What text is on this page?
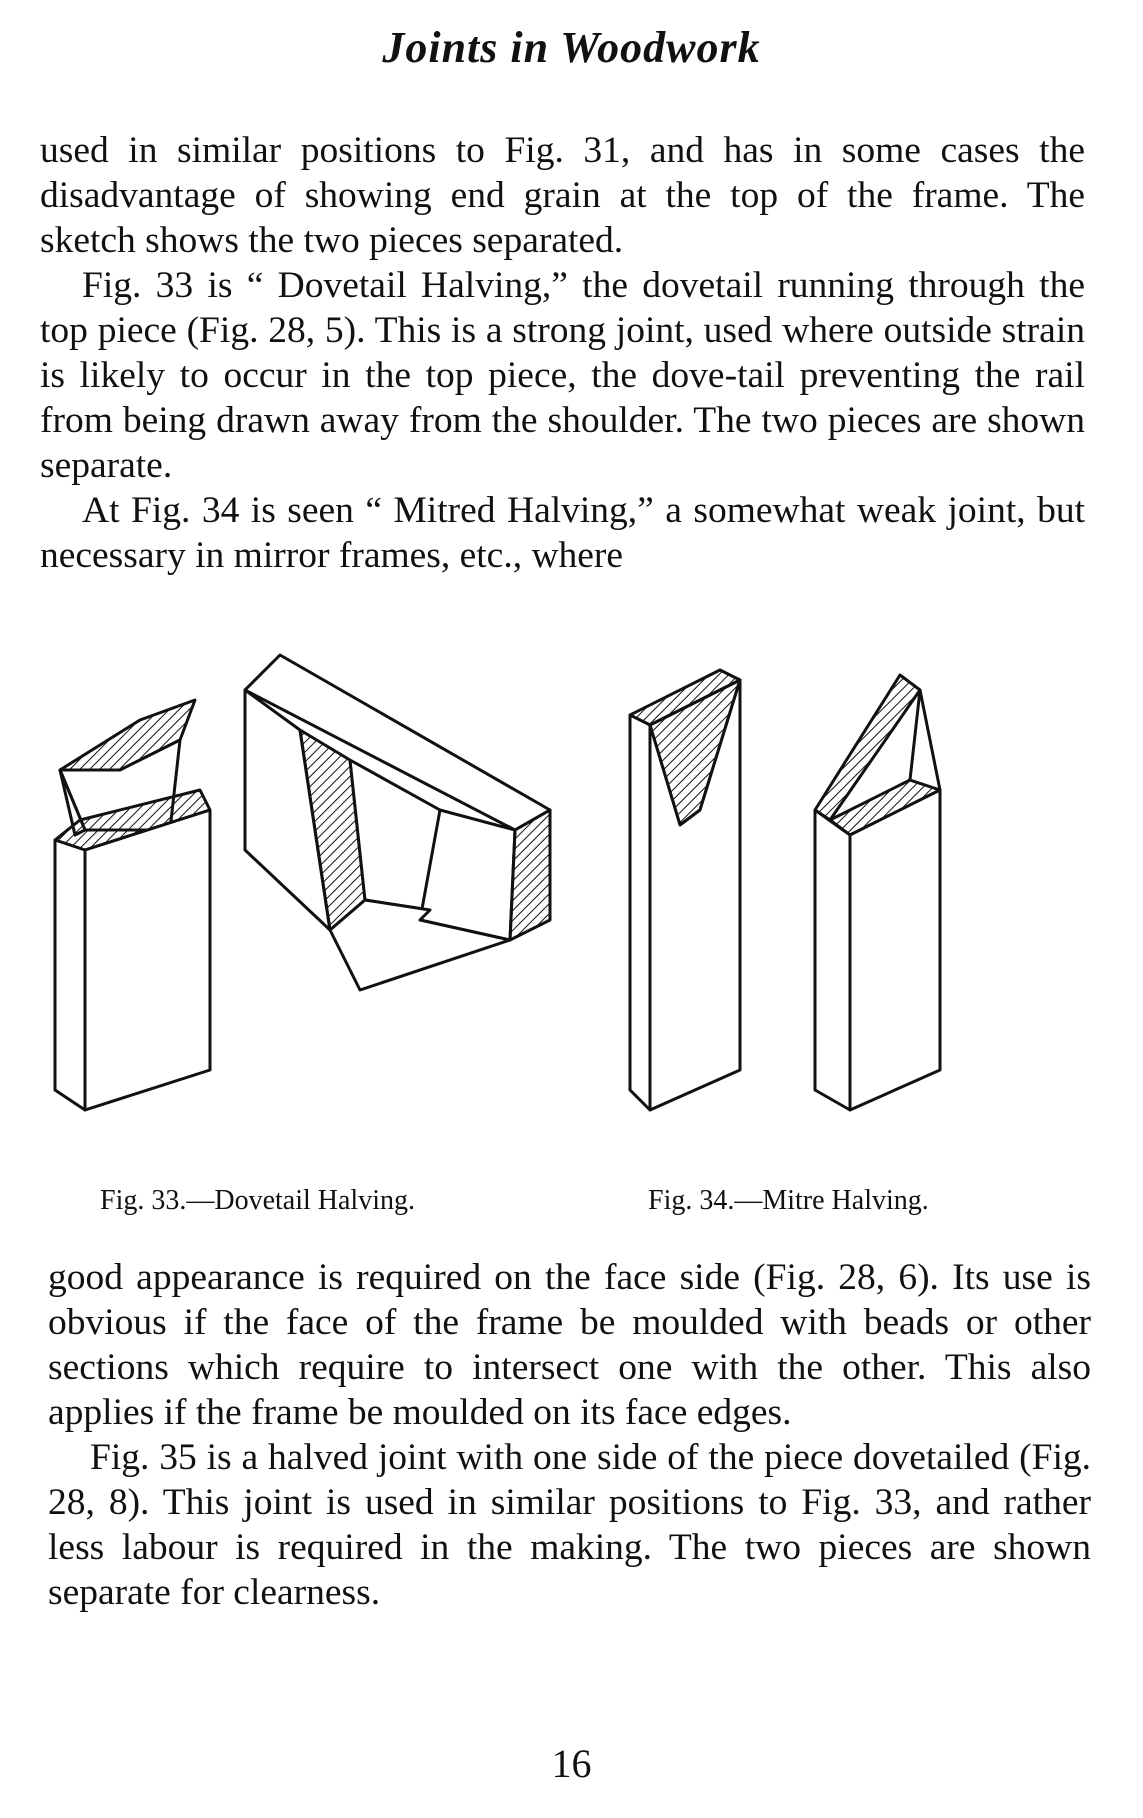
Joints in Woodwork

used in similar positions to Fig. 31, and has in some cases the disadvantage of showing end grain at the top of the frame. The sketch shows the two pieces separated.

Fig. 33 is “ Dovetail Halving,” the dovetail running through the top piece (Fig. 28, 5). This is a strong joint, used where outside strain is likely to occur in the top piece, the dove-tail preventing the rail from being drawn away from the shoulder. The two pieces are shown separate.

At Fig. 34 is seen “ Mitred Halving,” a somewhat weak joint, but necessary in mirror frames, etc., where

Fig. 33.—Dovetail Halving.	Fig. 34.—Mitre Halving.

good appearance is required on the face side (Fig. 28, 6). Its use is obvious if the face of the frame be moulded with beads or other sections which require to intersect one with the other. This also applies if the frame be moulded on its face edges.

Fig. 35 is a halved joint with one side of the piece dovetailed (Fig. 28, 8). This joint is used in similar positions to Fig. 33, and rather less labour is required in the making. The two pieces are shown separate for clearness.

16
